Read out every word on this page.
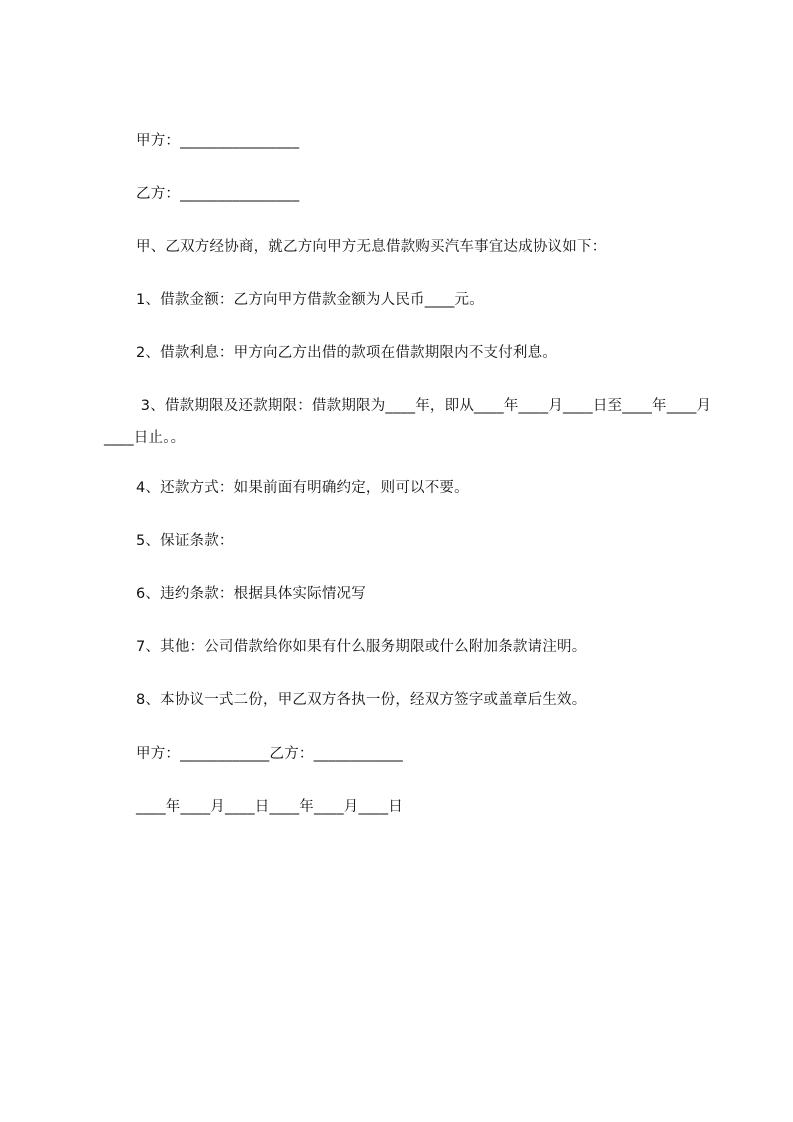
甲方：________________
乙方：________________
甲、乙双方经协商，就乙方向甲方无息借款购买汽车事宜达成协议如下：
1、借款金额：乙方向甲方借款金额为人民币____元。
2、借款利息：甲方向乙方出借的款项在借款期限内不支付利息。
3、借款期限及还款期限：借款期限为____年，即从____年____月____日至____年____月____日止。。
4、还款方式：如果前面有明确约定，则可以不要。
5、保证条款：
6、违约条款：根据具体实际情况写
7、其他：公司借款给你如果有什么服务期限或什么附加条款请注明。
8、本协议一式二份，甲乙双方各执一份，经双方签字或盖章后生效。
甲方：____________乙方：____________
____年____月____日____年____月____日
